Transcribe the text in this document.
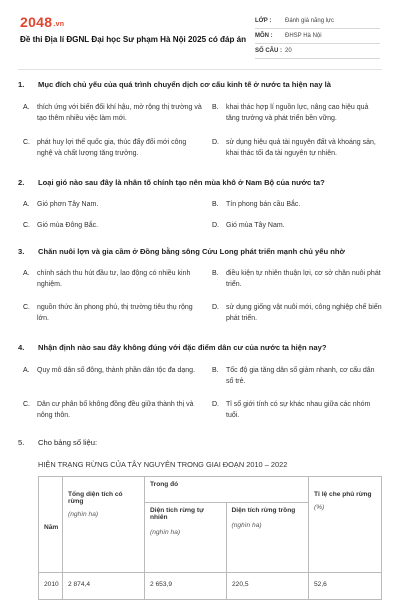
2048.vn
Đề thi Địa lí ĐGNL Đại học Sư phạm Hà Nội 2025 có đáp án
LỚP :	Đánh giá năng lực
MÔN :	ĐHSP Hà Nội
SỐ CÂU : 20
1.	Mục đích chủ yếu của quá trình chuyển dịch cơ cấu kinh tế ở nước ta hiện nay là
A.	thích ứng với biến đổi khí hậu, mở rộng thị trường và tạo thêm nhiều việc làm mới.
B.	khai thác hợp lí nguồn lực, nâng cao hiệu quả tăng trưởng và phát triển bền vững.
C.	phát huy lợi thế quốc gia, thúc đẩy đổi mới công nghệ và chất lượng tăng trưởng.
D.	sử dụng hiệu quả tài nguyên đất và khoáng sản, khai thác tối đa tài nguyên tự nhiên.
2.	Loại gió nào sau đây là nhân tố chính tạo nên mùa khô ở Nam Bộ của nước ta?
A.	Gió phơn Tây Nam.	B.	Tín phong bán cầu Bắc.
C.	Gió mùa Đông Bắc.	D.	Gió mùa Tây Nam.
3.	Chăn nuôi lợn và gia cầm ở Đồng bằng sông Cửu Long phát triển mạnh chủ yếu nhờ
A.	chính sách thu hút đầu tư, lao động có nhiều kinh nghiệm.
B.	điều kiện tự nhiên thuận lợi, cơ sở chăn nuôi phát triển.
C.	nguồn thức ăn phong phú, thị trường tiêu thụ rộng lớn.
D.	sử dụng giống vật nuôi mới, công nghiệp chế biến phát triển.
4.	Nhận định nào sau đây không đúng với đặc điểm dân cư của nước ta hiện nay?
A.	Quy mô dân số đông, thành phần dân tộc đa dạng.	B.	Tốc độ gia tăng dân số giảm nhanh, cơ cấu dân số trẻ.
C.	Dân cư phân bố không đồng đều giữa thành thị và nông thôn.
D.	Tỉ số giới tính có sự khác nhau giữa các nhóm tuổi.
5.	Cho bảng số liệu:
HIỆN TRẠNG RỪNG CỦA TÂY NGUYÊN TRONG GIAI ĐOẠN 2010 – 2022
Năm
Tổng diện tích có rừng
(nghìn ha)
Trong đó
Diện tích rừng tự nhiên
(nghìn ha)
Diện tích rừng trồng
(nghìn ha)
Tỉ lệ che phủ rừng
(%)
2010	2 874,4	2 653,9	220,5	52,6
